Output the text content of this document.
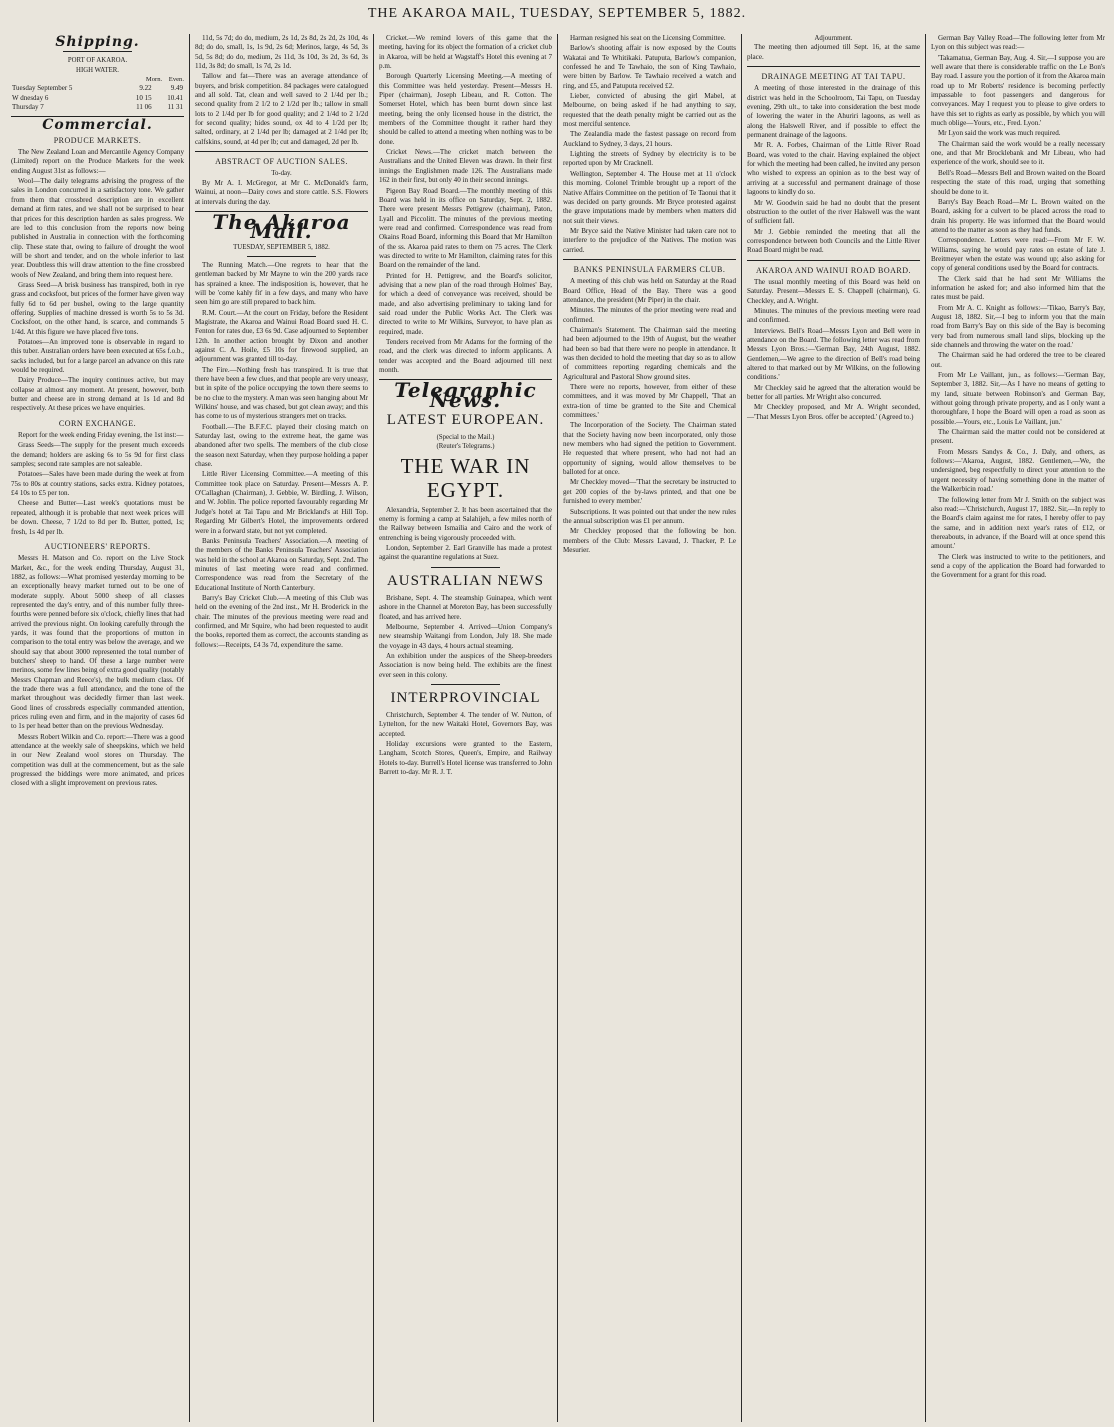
THE AKAROA MAIL, TUESDAY, SEPTEMBER 5, 1882.
Shipping.
PORT OF AKAROA.
HIGH WATER.
Morn. Even.
Tuesday September 5	9.22	9.49
W dnesday 6	10 15	10.41
Thursday 7	11 06	11 31
Commercial.
PRODUCE MARKETS.

The New Zealand Loan and Mercantile Agency Company (Limited) report on the Produce Markets for the week ending August 31st as follows:—

Wool—The daily telegrams advising the progress of the sales in London concurred in a satisfactory tone. We gather from them that crossbred description are in excellent demand at firm rates, and we shall not be surprised to hear that prices for this description harden as sales progress. We are led to this conclusion from the reports now being published in Australia in connection with the forthcoming clip. These state that, owing to failure of drought the wool will be short and tender, and on the whole inferior to last year. Doubtless this will draw attention to the fine crossbred wools of New Zealand, and bring them into request here.

Grass Seed—A brisk business has transpired, both in rye grass and cocksfoot, but prices of the former have given way fully 6d to 6d per bushel, owing to the large quantity offering. Supplies of machine dressed is worth 5s to 5s 3d. Cocksfoot, on the other hand, is scarce, and commands 5 1/4d. At this figure we have placed five tons.

Potatoes—An improved tone is observable in regard to this tuber. Australian orders have been executed at 65s f.o.b., sacks included, but for a large parcel an advance on this rate would be required.

Dairy Produce—The inquiry continues active, but may collapse at almost any moment. At present, however, both butter and cheese are in strong demand at 1s 1d and 8d respectively. At these prices we have enquiries.

CORN EXCHANGE.

Report for the week ending Friday evening, the 1st inst:—

Grass Seeds—The supply for the present much exceeds the demand; holders are asking 6s to 5s 9d for first class samples; second rate samples are not saleable.

Potatoes—Sales have been made during the week at from 75s to 80s at country stations, sacks extra. Kidney potatoes, £4 10s to £5 per ton.

Cheese and Butter—Last week's quotations must be repeated, although it is probable that next week prices will be down. Cheese, 7 1/2d to 8d per lb. Butter, potted, 1s; fresh, 1s 4d per lb.

AUCTIONEERS' REPORTS.

Messrs H. Matson and Co. report on the Live Stock Market, &c., for the week ending Thursday, August 31, 1882, as follows:—What promised yesterday morning to be an exceptionally heavy market turned out to be one of moderate supply. About 5000 sheep of all classes represented the day's entry, and of this number fully three-fourths were penned before six o'clock, chiefly lines that had arrived the previous night. On looking carefully through the yards, it was found that the proportions of mutton in comparison to the total entry was below the average, and we should say that about 3000 represented the total number of butchers' sheep to hand. Of these a large number were merinos, some few lines being of extra good quality (notably Messrs Chapman and Reece's), the bulk medium class. Of the trade there was a full attendance, and the tone of the market throughout was decidedly firmer than last week. Good lines of crossbreds especially commanded attention, prices ruling even and firm, and in the majority of cases 6d to 1s per head better than on the previous Wednesday.

Messrs Robert Wilkin and Co. report:—There was a good attendance at the weekly sale of sheepskins, which we held in our New Zealand wool stores on Thursday. The competition was dull at the commencement, but as the sale progressed the biddings were more animated, and prices closed with a slight improvement on previous rates.

11d, 5s 7d; do do, medium, 2s 1d, 2s 8d, 2s 2d, 2s 10d, 4s 8d; do do, small, 1s, 1s 9d, 2s 6d; Merinos, large, 4s 5d, 3s 5d, 5s 8d; do do, medium, 2s 11d, 3s 10d, 3s 2d, 3s 6d, 3s 11d, 3s 8d; do small, 1s 7d, 2s 1d.

Tallow and fat—There was an average attendance of buyers, and brisk competition. 84 packages were catalogued and all sold. Tat, clean and well saved to 2 1/4d per lb.; second quality from 2 1/2 to 2 1/2d per lb.; tallow in small lots to 2 1/4d per lb for good quality; and 2 1/4d to 2 1/2d for second quality; hides sound, ox 4d to 4 1/2d per lb; salted, ordinary, at 2 1/4d per lb; damaged at 2 1/4d per lb; calfskins, sound, at 4d per lb; cut and damaged, 2d per lb.

ABSTRACT OF AUCTION SALES.
To-day.

By Mr A. I. McGregor, at Mr C. McDonald's farm, Wainui, at noon—Dairy cows and store cattle. S.S. Flowers at intervals during the day.

The Akaroa Mail.
TUESDAY, SEPTEMBER 5, 1882.

The Running Match.—One regrets to hear that the gentleman backed by Mr Mayne to win the 200 yards race has sprained a knee. The indisposition is, however, that he will be 'come kahly fit' in a few days, and many who have seen him go are still prepared to back him.

R.M. Court.—At the court on Friday, before the Resident Magistrate, the Akaroa and Wainui Road Board sued H. C. Fenton for rates due, £3 6s 9d. Case adjourned to September 12th. In another action brought by Dixon and another against C. A. Hoile, £5 10s for firewood supplied, an adjournment was granted till to-day.

The Fire.—Nothing fresh has transpired. It is true that there have been a few clues, and that people are very uneasy, but in spite of the police occupying the town there seems to be no clue to the mystery. A man was seen hanging about Mr Wilkins' house, and was chased, but got clean away; and this has come to us of mysterious strangers met on tracks.

Football.—The B.F.F.C. played their closing match on Saturday last, owing to the extreme heat, the game was abandoned after two spells. The members of the club close the season next Saturday, when they purpose holding a paper chase.

Little River Licensing Committee.—A meeting of this Committee took place on Saturday. Present—Messrs A. P. O'Callaghan (Chairman), J. Gebbie, W. Birdling, J. Wilson, and W. Joblin. The police reported favourably regarding Mr Judge's hotel at Tai Tapu and Mr Brickland's at Hill Top. Regarding Mr Gilbert's Hotel, the improvements ordered were in a forward state, but not yet completed.

Banks Peninsula Teachers' Association.—A meeting of the members of the Banks Peninsula Teachers' Association was held in the school at Akaroa on Saturday, Sept. 2nd. The minutes of last meeting were read and confirmed. Correspondence was read from the Secretary of the Educational Institute of North Canterbury.

Barry's Bay Cricket Club.—A meeting of this Club was held on the evening of the 2nd inst., Mr H. Broderick in the chair. The minutes of the previous meeting were read and confirmed, and Mr Squire, who had been requested to audit the books, reported them as correct, the accounts standing as follows:—Receipts, £4 3s 7d, expenditure the same.

Cricket.—We remind lovers of this game that the meeting, having for its object the formation of a cricket club in Akaroa, will be held at Wagstaff's Hotel this evening at 7 p.m.

Borough Quarterly Licensing Meeting.—A meeting of this Committee was held yesterday. Present—Messrs H. Piper (chairman), Joseph Libeau, and R. Cotton. The Somerset Hotel, which has been burnt down since last meeting, being the only licensed house in the district, the members of the Committee thought it rather hard they should be called to attend a meeting when nothing was to be done.

Cricket News.—The cricket match between the Australians and the United Eleven was drawn. In their first innings the Englishmen made 126. The Australians made 162 in their first, but only 40 in their second innings.

Pigeon Bay Road Board.—The monthly meeting of this Board was held in its office on Saturday, Sept. 2, 1882. There were present Messrs Pettigrew (chairman), Paton, Lyall and Piccolitt. The minutes of the previous meeting were read and confirmed. Correspondence was read from Okains Road Board, informing this Board that Mr Hamilton of the ss. Akaroa paid rates to them on 75 acres. The Clerk was directed to write to Mr Hamilton, claiming rates for this Board on the remainder of the land.

Printed for H. Pettigrew, and the Board's solicitor, advising that a new plan of the road through Holmes' Bay, for which a deed of conveyance was received, should be made, and also advertising preliminary to taking land for said road under the Public Works Act. The Clerk was directed to write to Mr Wilkins, Surveyor, to have plan as required, made.

Tenders received from Mr Adams for the forming of the road, and the clerk was directed to inform applicants. A tender was accepted and the Board adjourned till next month.

Telegraphic News.
LATEST EUROPEAN.
(Special to the Mail.)
(Reuter's Telegrams.)
THE WAR IN EGYPT.

Alexandria, September 2. It has been ascertained that the enemy is forming a camp at Salahijeh, a few miles north of the Railway between Ismailia and Cairo and the work of entrenching is being vigorously proceeded with.

London, September 2. Earl Granville has made a protest against the quarantine regulations at Suez.

AUSTRALIAN NEWS

Brisbane, Sept. 4. The steamship Guinapea, which went ashore in the Channel at Moreton Bay, has been successfully floated, and has arrived here.

Melbourne, September 4. Arrived—Union Company's new steamship Waitangi from London, July 18. She made the voyage in 43 days, 4 hours actual steaming.

An exhibition under the auspices of the Sheep-breeders Association is now being held. The exhibits are the finest ever seen in this colony.

INTERPROVINCIAL

Christchurch, September 4. The tender of W. Nutton, of Lyttelton, for the new Waitaki Hotel, Governors Bay, was accepted.

Holiday excursions were granted to the Eastern, Langham, Scotch Stores, Queen's, Empire, and Railway Hotels to-day. Burrell's Hotel license was transferred to John Barrett to-day. Mr R. J. T.

Harman resigned his seat on the Licensing Committee.

Barlow's shooting affair is now exposed by the Coutts Wakatai and Te Whitikaki. Patuputa, Barlow's companion, confessed he and Te Tawhaio, the son of King Tawhaio, were bitten by Barlow. Te Tawhaio received a watch and ring, and £5, and Patuputa received £2.

Lieber, convicted of abusing the girl Mabel, at Melbourne, on being asked if he had anything to say, requested that the death penalty might be carried out as the most merciful sentence.

The Zealandia made the fastest passage on record from Auckland to Sydney, 3 days, 21 hours.

Lighting the streets of Sydney by electricity is to be reported upon by Mr Cracknell.

Wellington, September 4. The House met at 11 o'clock this morning. Colonel Trimble brought up a report of the Native Affairs Committee on the petition of Te Taonui that it was decided on party grounds. Mr Bryce protested against the grave imputations made by members when matters did not suit their views.

Mr Bryce said the Native Minister had taken care not to interfere to the prejudice of the Natives. The motion was carried.

BANKS PENINSULA FARMERS CLUB.

A meeting of this club was held on Saturday at the Road Board Office, Head of the Bay. There was a good attendance, the president (Mr Piper) in the chair.

Minutes. The minutes of the prior meeting were read and confirmed.

Chairman's Statement. The Chairman said the meeting had been adjourned to the 19th of August, but the weather had been so bad that there were no people in attendance. It was then decided to hold the meeting that day so as to allow of committees reporting regarding chemicals and the Agricultural and Pastoral Show ground sites.

There were no reports, however, from either of these committees, and it was moved by Mr Chappell, 'That an extra-tion of time be granted to the Site and Chemical committees.'

The Incorporation of the Society. The Chairman stated that the Society having now been incorporated, only those new members who had signed the petition to Government. He requested that where present, who had not had an opportunity of signing, would allow themselves to be balloted for at once.

Mr Checkley moved—'That the secretary be instructed to get 200 copies of the by-laws printed, and that one be furnished to every member.'

Subscriptions. It was pointed out that under the new rules the annual subscription was £1 per annum.

Mr Checkley proposed that the following be hon. members of the Club: Messrs Lavaud, J. Thacker, P. Le Mesurier.

Adjournment.

The meeting then adjourned till Sept. 16, at the same place.

DRAINAGE MEETING AT TAI TAPU.

A meeting of those interested in the drainage of this district was held in the Schoolroom, Tai Tapu, on Tuesday evening, 29th ult., to take into consideration the best mode of lowering the water in the Ahuriri lagoons, as well as along the Halswell River, and if possible to effect the permanent drainage of the lagoons.

Mr R. A. Forbes, Chairman of the Little River Road Board, was voted to the chair. Having explained the object for which the meeting had been called, he invited any person who wished to express an opinion as to the best way of arriving at a successful and permanent drainage of those lagoons to kindly do so.

Mr W. Goodwin said he had no doubt that the present obstruction to the outlet of the river Halswell was the want of sufficient fall.

Mr J. Gebbie reminded the meeting that all the correspondence between both Councils and the Little River Road Board might be read.

AKAROA AND WAINUI ROAD BOARD.

The usual monthly meeting of this Board was held on Saturday. Present—Messrs E. S. Chappell (chairman), G. Checkley, and A. Wright.

Minutes. The minutes of the previous meeting were read and confirmed.

Interviews. Bell's Road—Messrs Lyon and Bell were in attendance on the Board. The following letter was read from Messrs Lyon Bros.:—'German Bay, 24th August, 1882. Gentlemen,—We agree to the direction of Bell's road being altered to that marked out by Mr Wilkins, on the following conditions.'

Mr Checkley said he agreed that the alteration would be better for all parties. Mr Wright also concurred.

Mr Checkley proposed, and Mr A. Wright seconded,—'That Messrs Lyon Bros. offer be accepted.' (Agreed to.)

German Bay Valley Road—The following letter from Mr Lyon on this subject was read:—

'Takamatua, German Bay, Aug. 4. Sir,—I suppose you are well aware that there is considerable traffic on the Le Bon's Bay road. I assure you the portion of it from the Akaroa main road up to Mr Roberts' residence is becoming perfectly impassable to foot passengers and dangerous for conveyances. May I request you to please to give orders to have this set to rights as early as possible, by which you will much oblige—Yours, etc., Fred. Lyon.'

Mr Lyon said the work was much required.

The Chairman said the work would be a really necessary one, and that Mr Brocklebank and Mr Libeau, who had experience of the work, should see to it.

Bell's Road—Messrs Bell and Brown waited on the Board respecting the state of this road, urging that something should be done to it.

Barry's Bay Beach Road—Mr L. Brown waited on the Board, asking for a culvert to be placed across the road to drain his property. He was informed that the Board would attend to the matter as soon as they had funds.

Correspondence. Letters were read:—From Mr F. W. Williams, saying he would pay rates on estate of late J. Breitmeyer when the estate was wound up; also asking for copy of general conditions used by the Board for contracts.

The Clerk said that he had sent Mr Williams the information he asked for; and also informed him that the rates must be paid.

From Mr A. C. Knight as follows:—'Tikao, Barry's Bay, August 18, 1882. Sir,—I beg to inform you that the main road from Barry's Bay on this side of the Bay is becoming very bad from numerous small land slips, blocking up the side channels and throwing the water on the road.'

The Chairman said he had ordered the tree to be cleared out.

From Mr Le Vaillant, jun., as follows:—'German Bay, September 3, 1882. Sir,—As I have no means of getting to my land, situate between Robinson's and German Bay, without going through private property, and as I only want a thoroughfare, I hope the Board will open a road as soon as possible.—Yours, etc., Louis Le Vaillant, jun.'

The Chairman said the matter could not be considered at present.

From Messrs Sandys & Co., J. Daly, and others, as follows:—'Akaroa, August, 1882. Gentlemen,—We, the undersigned, beg respectfully to direct your attention to the urgent necessity of having something done in the matter of the Walkerbicin road.'

The following letter from Mr J. Smith on the subject was also read:—'Christchurch, August 17, 1882. Sir,—In reply to the Board's claim against me for rates, I hereby offer to pay the same, and in addition next year's rates of £12, or thereabouts, in advance, if the Board will at once spend this amount.'

The Clerk was instructed to write to the petitioners, and send a copy of the application the Board had forwarded to the Government for a grant for this road.
